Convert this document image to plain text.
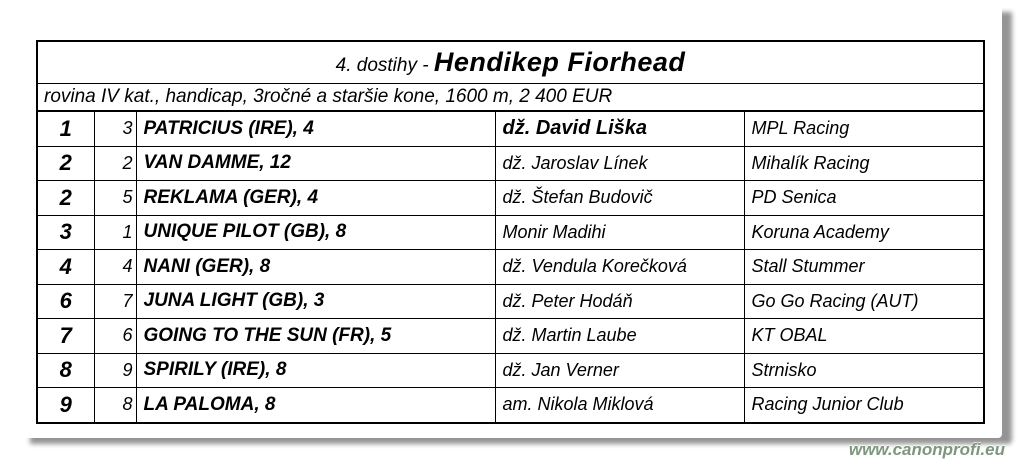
4. dostihy - Hendikep Fiorhead				
rovina IV kat., handicap, 3ročné a staršie kone, 1600 m, 2 400 EUR				
1	3	PATRICIUS (IRE), 4	dž. David Liška	MPL Racing
2	2	VAN DAMME, 12	dž. Jaroslav Línek	Mihalík Racing
2	5	REKLAMA (GER), 4	dž. Štefan Budovič	PD Senica
3	1	UNIQUE PILOT (GB), 8	Monir Madihi	Koruna Academy
4	4	NANI (GER), 8	dž. Vendula Korečková	Stall Stummer
6	7	JUNA LIGHT (GB), 3	dž. Peter Hodáň	Go Go Racing (AUT)
7	6	GOING TO THE SUN (FR), 5	dž. Martin Laube	KT OBAL
8	9	SPIRILY (IRE), 8	dž. Jan Verner	Strnisko
9	8	LA PALOMA, 8	am. Nikola Miklová	Racing Junior Club
www.canonprofi.eu
